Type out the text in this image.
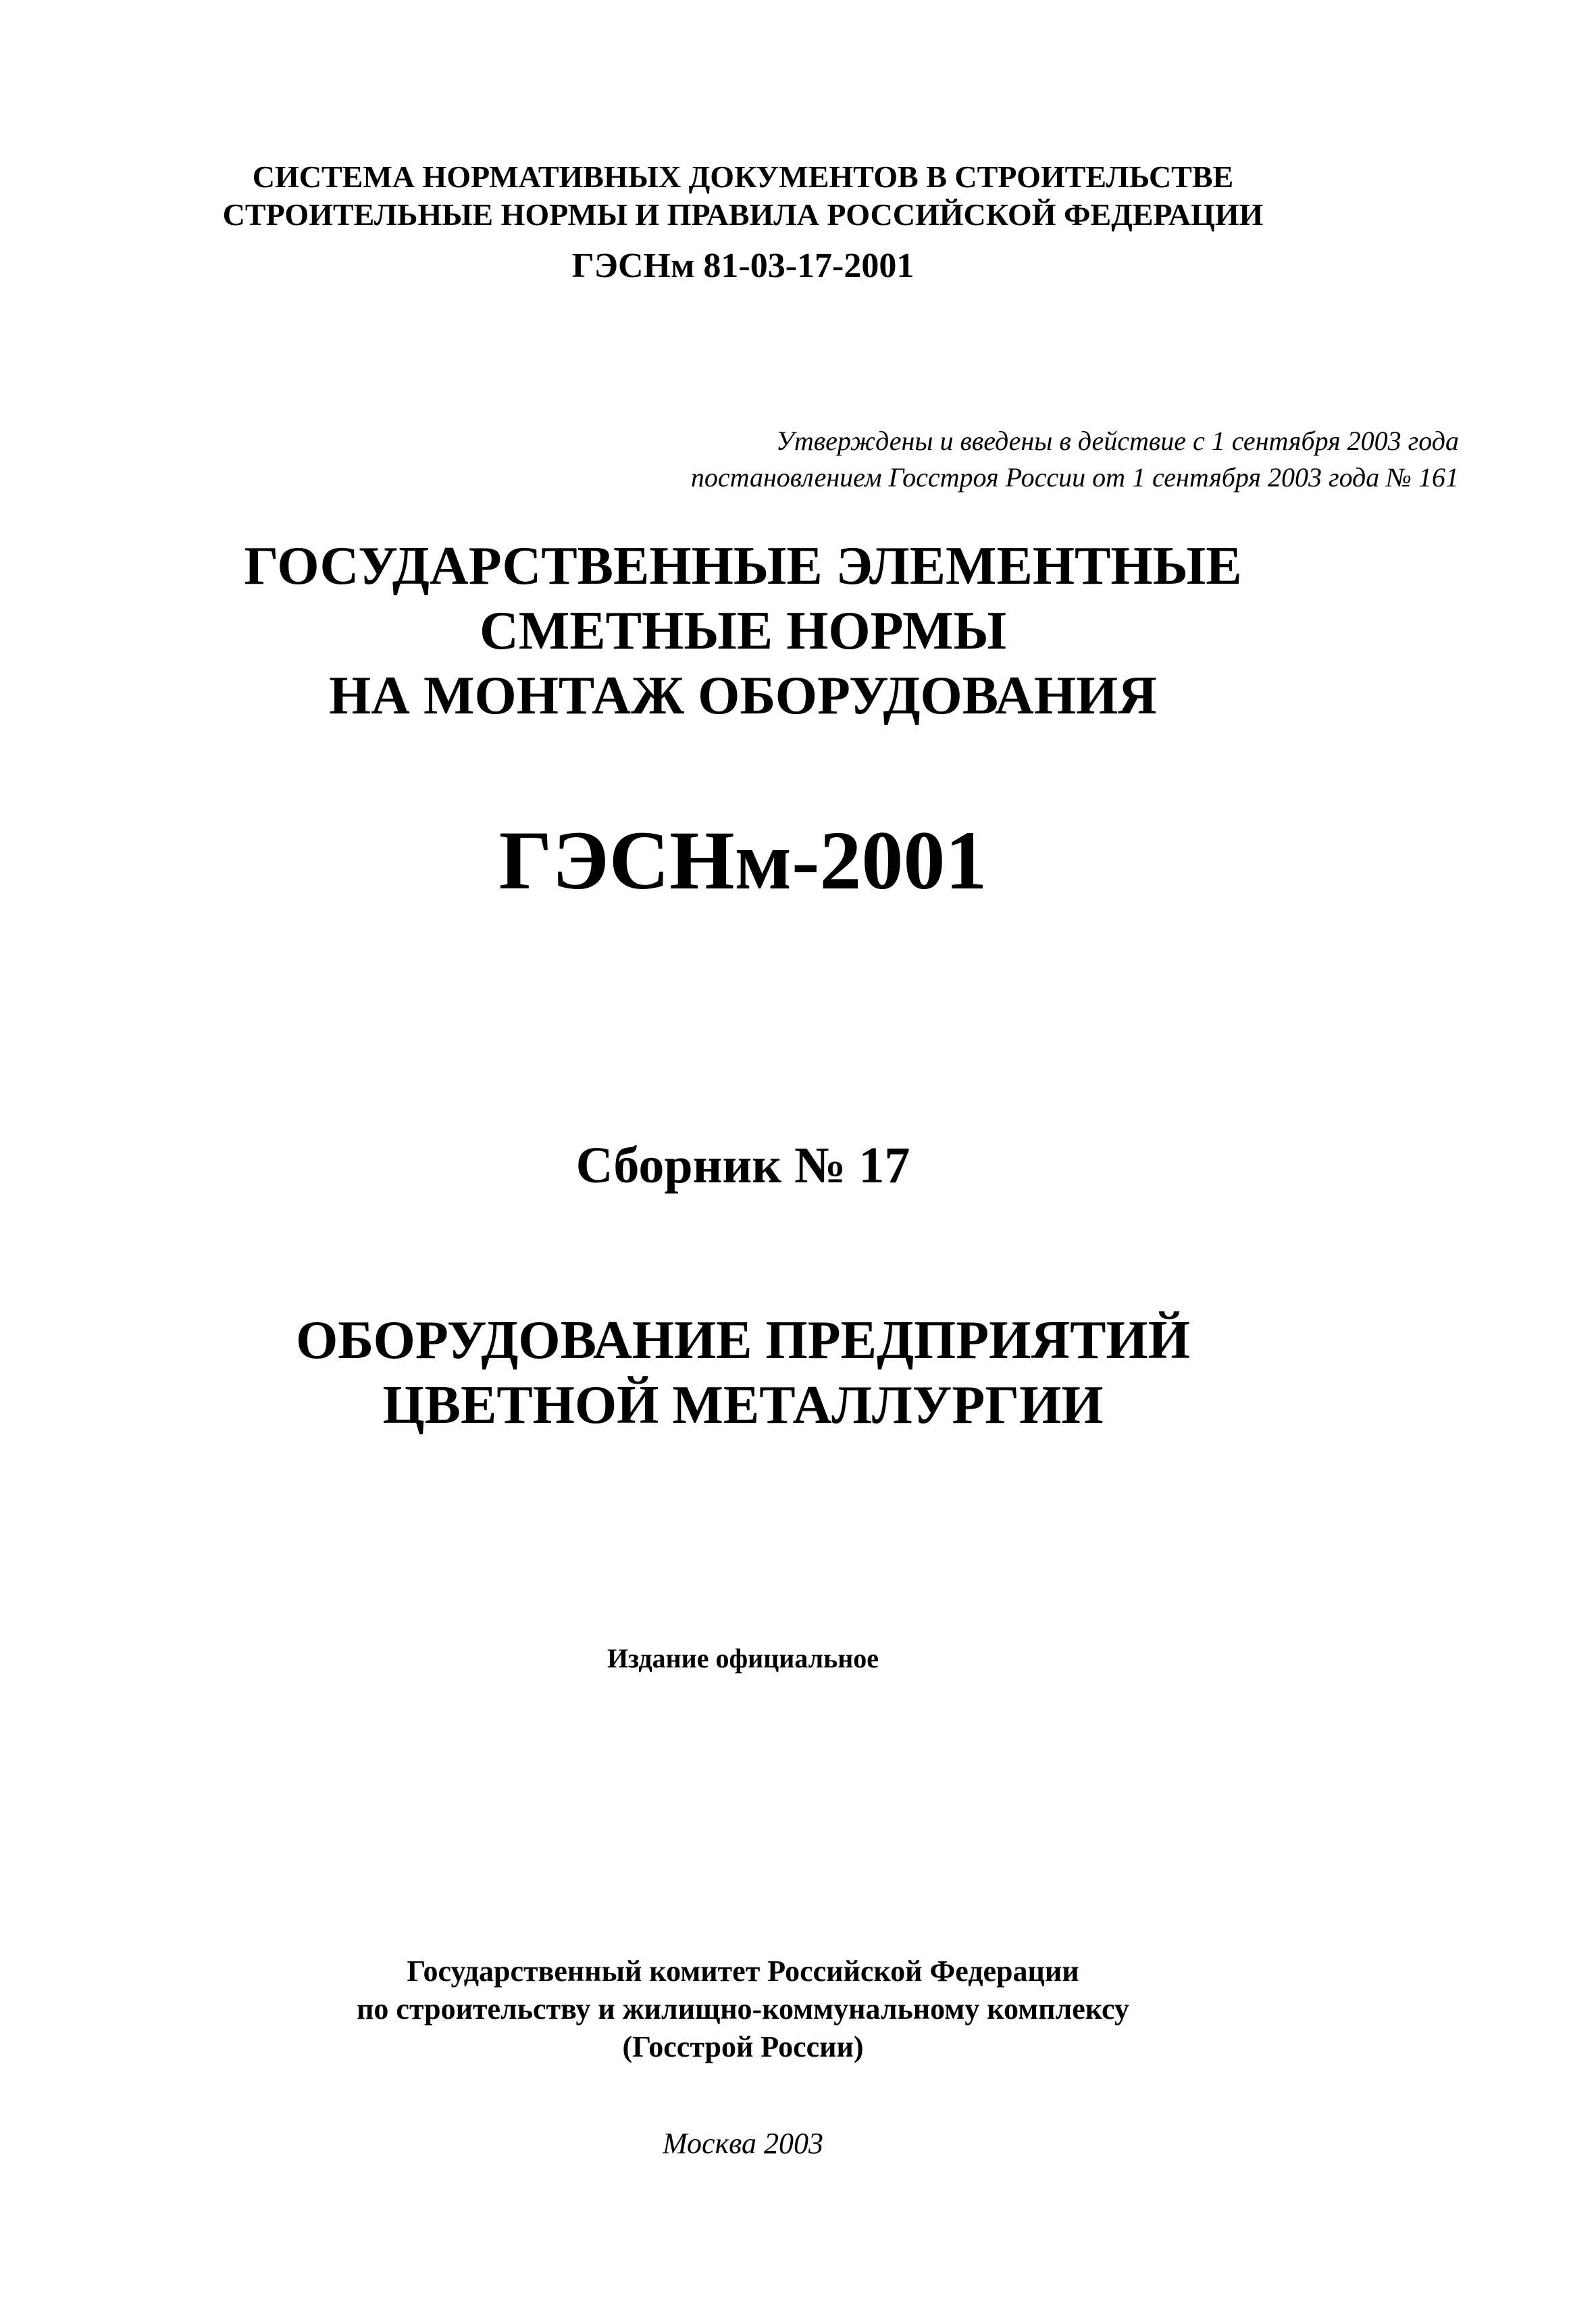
СИСТЕМА НОРМАТИВНЫХ ДОКУМЕНТОВ В СТРОИТЕЛЬСТВЕ
СТРОИТЕЛЬНЫЕ НОРМЫ И ПРАВИЛА РОССИЙСКОЙ ФЕДЕРАЦИИ
ГЭСНм 81-03-17-2001
Утверждены и введены в действие с 1 сентября 2003 года
постановлением Госстроя России от 1 сентября 2003 года № 161
ГОСУДАРСТВЕННЫЕ ЭЛЕМЕНТНЫЕ
СМЕТНЫЕ НОРМЫ
НА МОНТАЖ ОБОРУДОВАНИЯ
ГЭСНм-2001
Сборник № 17
ОБОРУДОВАНИЕ ПРЕДПРИЯТИЙ
ЦВЕТНОЙ МЕТАЛЛУРГИИ
Издание официальное
Государственный комитет Российской Федерации
по строительству и жилищно-коммунальному комплексу
(Госстрой России)
Москва 2003
